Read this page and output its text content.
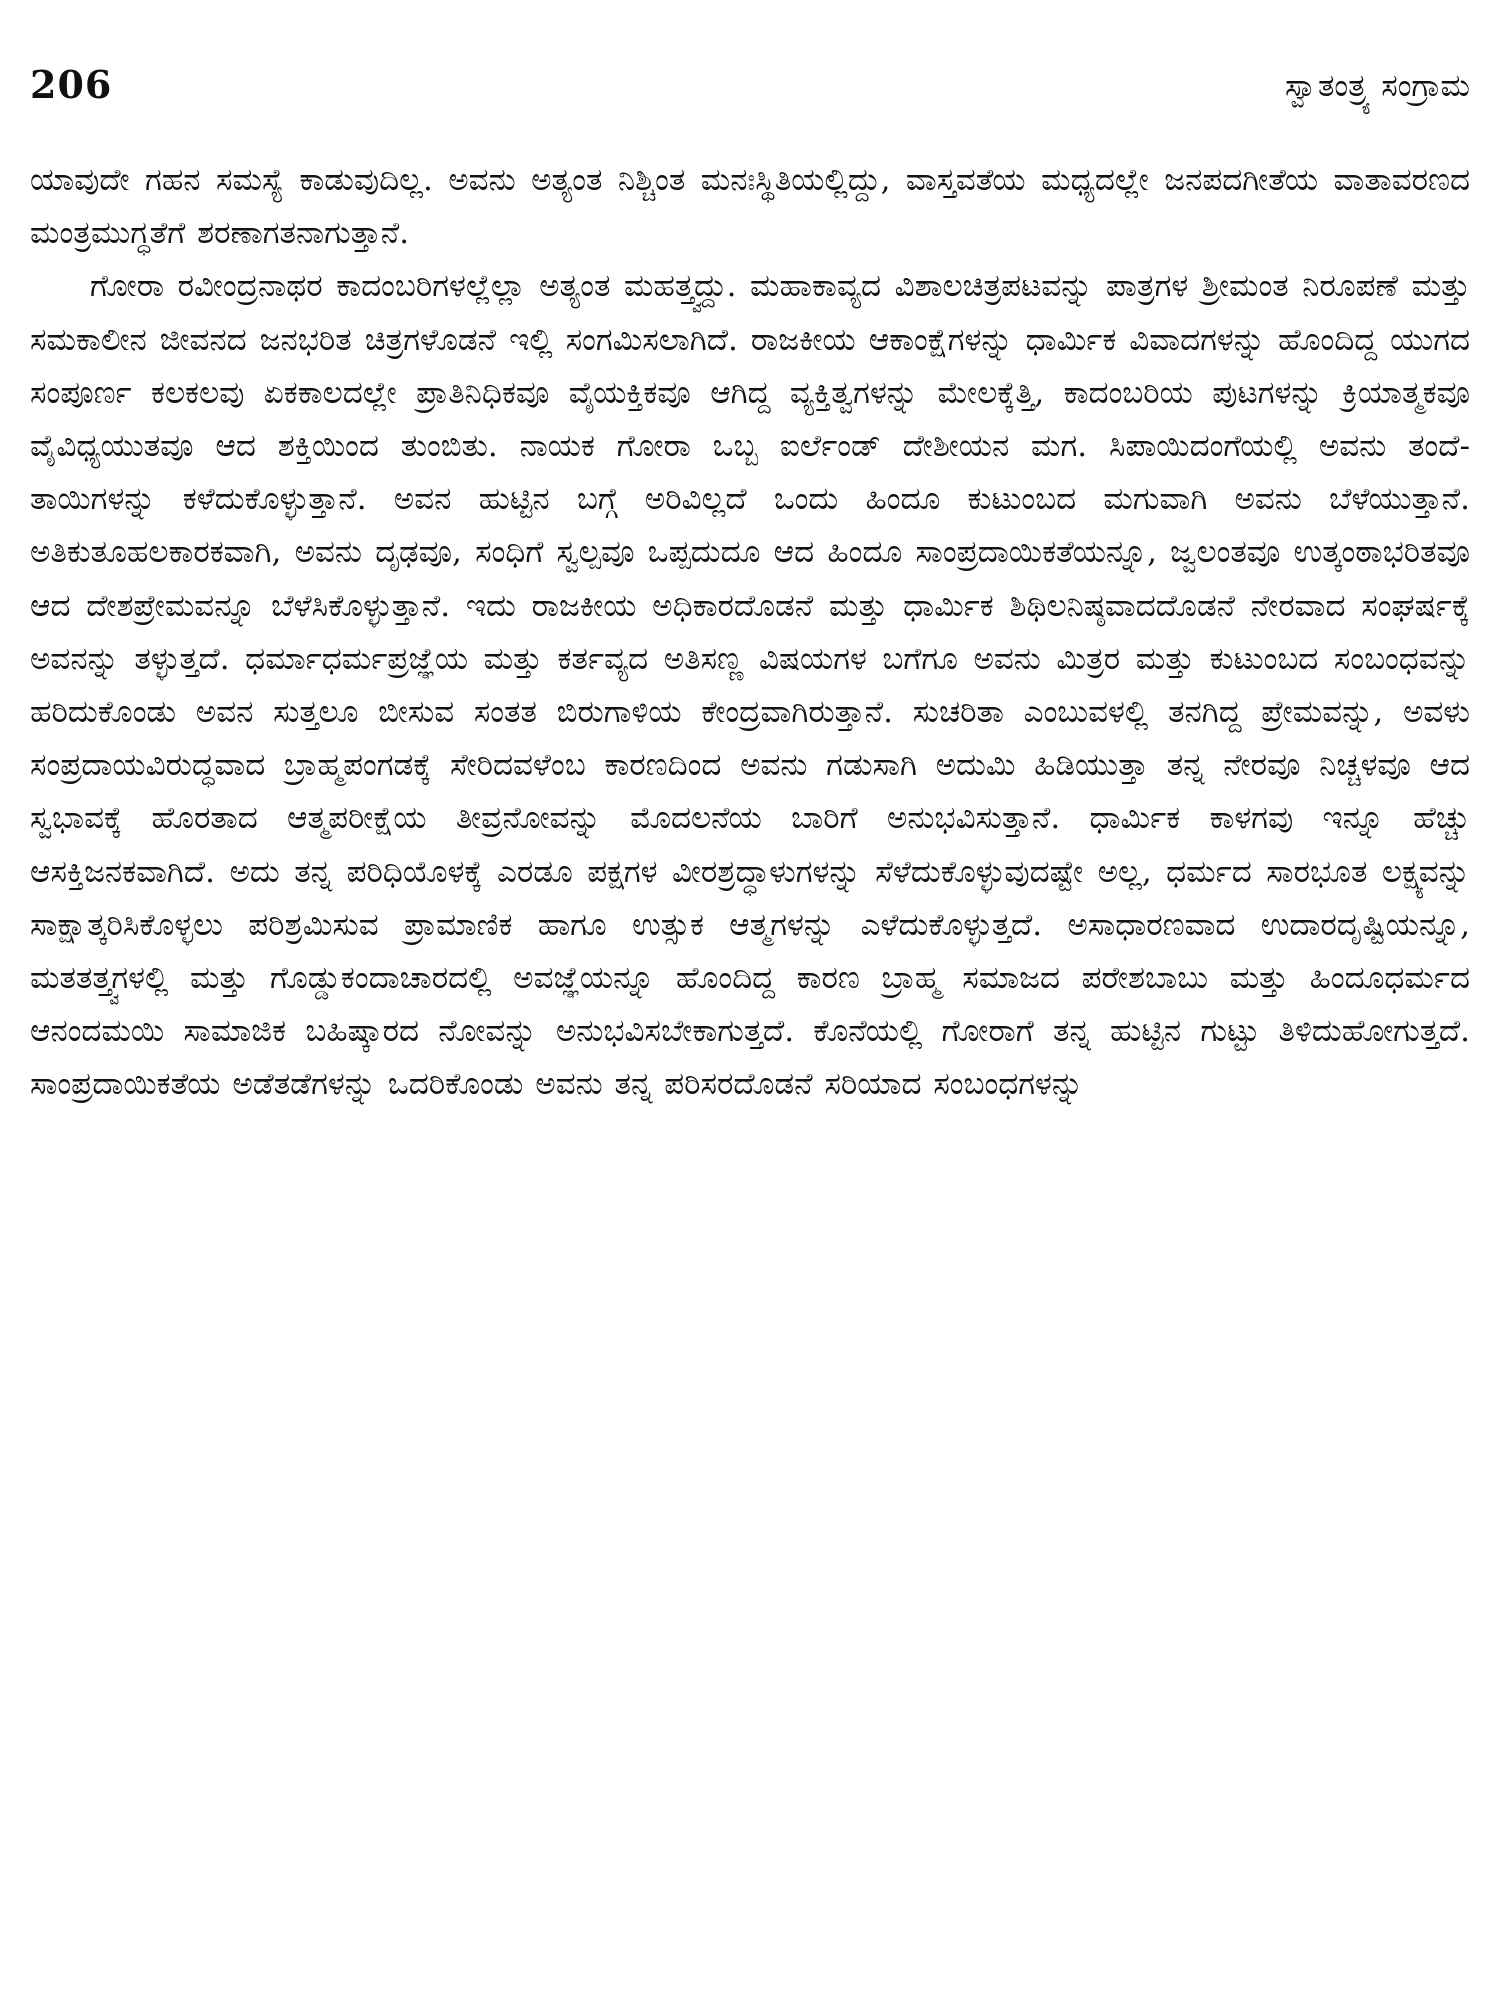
206	ಸ್ವಾತಂತ್ರ್ಯ ಸಂಗ್ರಾಮ

ಯಾವುದೇ ಗಹನ ಸಮಸ್ಯೆ ಕಾಡುವುದಿಲ್ಲ. ಅವನು ಅತ್ಯಂತ ನಿಶ್ಚಿಂತ ಮನಃಸ್ಥಿತಿಯಲ್ಲಿದ್ದು, ವಾಸ್ತವತೆಯ ಮಧ್ಯದಲ್ಲೇ ಜನಪದಗೀತೆಯ ವಾತಾವರಣದ ಮಂತ್ರಮುಗ್ಧತೆಗೆ ಶರಣಾಗತನಾಗುತ್ತಾನೆ.

ಗೋರಾ ರವೀಂದ್ರನಾಥರ ಕಾದಂಬರಿಗಳಲ್ಲೆಲ್ಲಾ ಅತ್ಯಂತ ಮಹತ್ತ್ವದ್ದು. ಮಹಾಕಾವ್ಯದ ವಿಶಾಲಚಿತ್ರಪಟವನ್ನು ಪಾತ್ರಗಳ ಶ್ರೀಮಂತ ನಿರೂಪಣೆ ಮತ್ತು ಸಮಕಾಲೀನ ಜೀವನದ ಜನಭರಿತ ಚಿತ್ರಗಳೊಡನೆ ಇಲ್ಲಿ ಸಂಗಮಿಸಲಾಗಿದೆ. ರಾಜಕೀಯ ಆಕಾಂಕ್ಷೆಗಳನ್ನು ಧಾರ್ಮಿಕ ವಿವಾದಗಳನ್ನು ಹೊಂದಿದ್ದ ಯುಗದ ಸಂಪೂರ್ಣ ಕಲಕಲವು ಏಕಕಾಲದಲ್ಲೇ ಪ್ರಾತಿನಿಧಿಕವೂ ವೈಯಕ್ತಿಕವೂ ಆಗಿದ್ದ ವ್ಯಕ್ತಿತ್ವಗಳನ್ನು ಮೇಲಕ್ಕೆತ್ತಿ, ಕಾದಂಬರಿಯ ಪುಟಗಳನ್ನು ಕ್ರಿಯಾತ್ಮಕವೂ ವೈವಿಧ್ಯಯುತವೂ ಆದ ಶಕ್ತಿಯಿಂದ ತುಂಬಿತು. ನಾಯಕ ಗೋರಾ ಒಬ್ಬ ಐರ್ಲೆಂಡ್ ದೇಶೀಯನ ಮಗ. ಸಿಪಾಯಿದಂಗೆಯಲ್ಲಿ ಅವನು ತಂದೆ-ತಾಯಿಗಳನ್ನು ಕಳೆದುಕೊಳ್ಳುತ್ತಾನೆ. ಅವನ ಹುಟ್ಟಿನ ಬಗ್ಗೆ ಅರಿವಿಲ್ಲದೆ ಒಂದು ಹಿಂದೂ ಕುಟುಂಬದ ಮಗುವಾಗಿ ಅವನು ಬೆಳೆಯುತ್ತಾನೆ. ಅತಿಕುತೂಹಲಕಾರಕವಾಗಿ, ಅವನು ದೃಢವೂ, ಸಂಧಿಗೆ ಸ್ವಲ್ಪವೂ ಒಪ್ಪದುದೂ ಆದ ಹಿಂದೂ ಸಾಂಪ್ರದಾಯಿಕತೆಯನ್ನೂ, ಜ್ವಲಂತವೂ ಉತ್ಕಂಠಾಭರಿತವೂ ಆದ ದೇಶಪ್ರೇಮವನ್ನೂ ಬೆಳೆಸಿಕೊಳ್ಳುತ್ತಾನೆ. ಇದು ರಾಜಕೀಯ ಅಧಿಕಾರದೊಡನೆ ಮತ್ತು ಧಾರ್ಮಿಕ ಶಿಥಿಲನಿಷ್ಠವಾದದೊಡನೆ ನೇರವಾದ ಸಂಘರ್ಷಕ್ಕೆ ಅವನನ್ನು ತಳ್ಳುತ್ತದೆ. ಧರ್ಮಾಧರ್ಮಪ್ರಜ್ಞೆಯ ಮತ್ತು ಕರ್ತವ್ಯದ ಅತಿಸಣ್ಣ ವಿಷಯಗಳ ಬಗೆಗೂ ಅವನು ಮಿತ್ರರ ಮತ್ತು ಕುಟುಂಬದ ಸಂಬಂಧವನ್ನು ಹರಿದುಕೊಂಡು ಅವನ ಸುತ್ತಲೂ ಬೀಸುವ ಸಂತತ ಬಿರುಗಾಳಿಯ ಕೇಂದ್ರವಾಗಿರುತ್ತಾನೆ. ಸುಚರಿತಾ ಎಂಬುವಳಲ್ಲಿ ತನಗಿದ್ದ ಪ್ರೇಮವನ್ನು, ಅವಳು ಸಂಪ್ರದಾಯವಿರುದ್ಧವಾದ ಬ್ರಾಹ್ಮಪಂಗಡಕ್ಕೆ ಸೇರಿದವಳೆಂಬ ಕಾರಣದಿಂದ ಅವನು ಗಡುಸಾಗಿ ಅದುಮಿ ಹಿಡಿಯುತ್ತಾ ತನ್ನ ನೇರವೂ ನಿಚ್ಚಳವೂ ಆದ ಸ್ವಭಾವಕ್ಕೆ ಹೊರತಾದ ಆತ್ಮಪರೀಕ್ಷೆಯ ತೀವ್ರನೋವನ್ನು ಮೊದಲನೆಯ ಬಾರಿಗೆ ಅನುಭವಿಸುತ್ತಾನೆ. ಧಾರ್ಮಿಕ ಕಾಳಗವು ಇನ್ನೂ ಹೆಚ್ಚು ಆಸಕ್ತಿಜನಕವಾಗಿದೆ. ಅದು ತನ್ನ ಪರಿಧಿಯೊಳಕ್ಕೆ ಎರಡೂ ಪಕ್ಷಗಳ ವೀರಶ್ರದ್ಧಾಳುಗಳನ್ನು ಸೆಳೆದುಕೊಳ್ಳುವುದಷ್ಟೇ ಅಲ್ಲ, ಧರ್ಮದ ಸಾರಭೂತ ಲಕ್ಷ್ಯವನ್ನು ಸಾಕ್ಷಾತ್ಕರಿಸಿಕೊಳ್ಳಲು ಪರಿಶ್ರಮಿಸುವ ಪ್ರಾಮಾಣಿಕ ಹಾಗೂ ಉತ್ಸುಕ ಆತ್ಮಗಳನ್ನು ಎಳೆದುಕೊಳ್ಳುತ್ತದೆ. ಅಸಾಧಾರಣವಾದ ಉದಾರದೃಷ್ಟಿಯನ್ನೂ, ಮತತತ್ತ್ವಗಳಲ್ಲಿ ಮತ್ತು ಗೊಡ್ಡುಕಂದಾಚಾರದಲ್ಲಿ ಅವಜ್ಞೆಯನ್ನೂ ಹೊಂದಿದ್ದ ಕಾರಣ ಬ್ರಾಹ್ಮ ಸಮಾಜದ ಪರೇಶಬಾಬು ಮತ್ತು ಹಿಂದೂಧರ್ಮದ ಆನಂದಮಯಿ ಸಾಮಾಜಿಕ ಬಹಿಷ್ಕಾರದ ನೋವನ್ನು ಅನುಭವಿಸಬೇಕಾಗುತ್ತದೆ. ಕೊನೆಯಲ್ಲಿ ಗೋರಾಗೆ ತನ್ನ ಹುಟ್ಟಿನ ಗುಟ್ಟು ತಿಳಿದುಹೋಗುತ್ತದೆ. ಸಾಂಪ್ರದಾಯಿಕತೆಯ ಅಡೆತಡೆಗಳನ್ನು ಒದರಿಕೊಂಡು ಅವನು ತನ್ನ ಪರಿಸರದೊಡನೆ ಸರಿಯಾದ ಸಂಬಂಧಗಳನ್ನು
